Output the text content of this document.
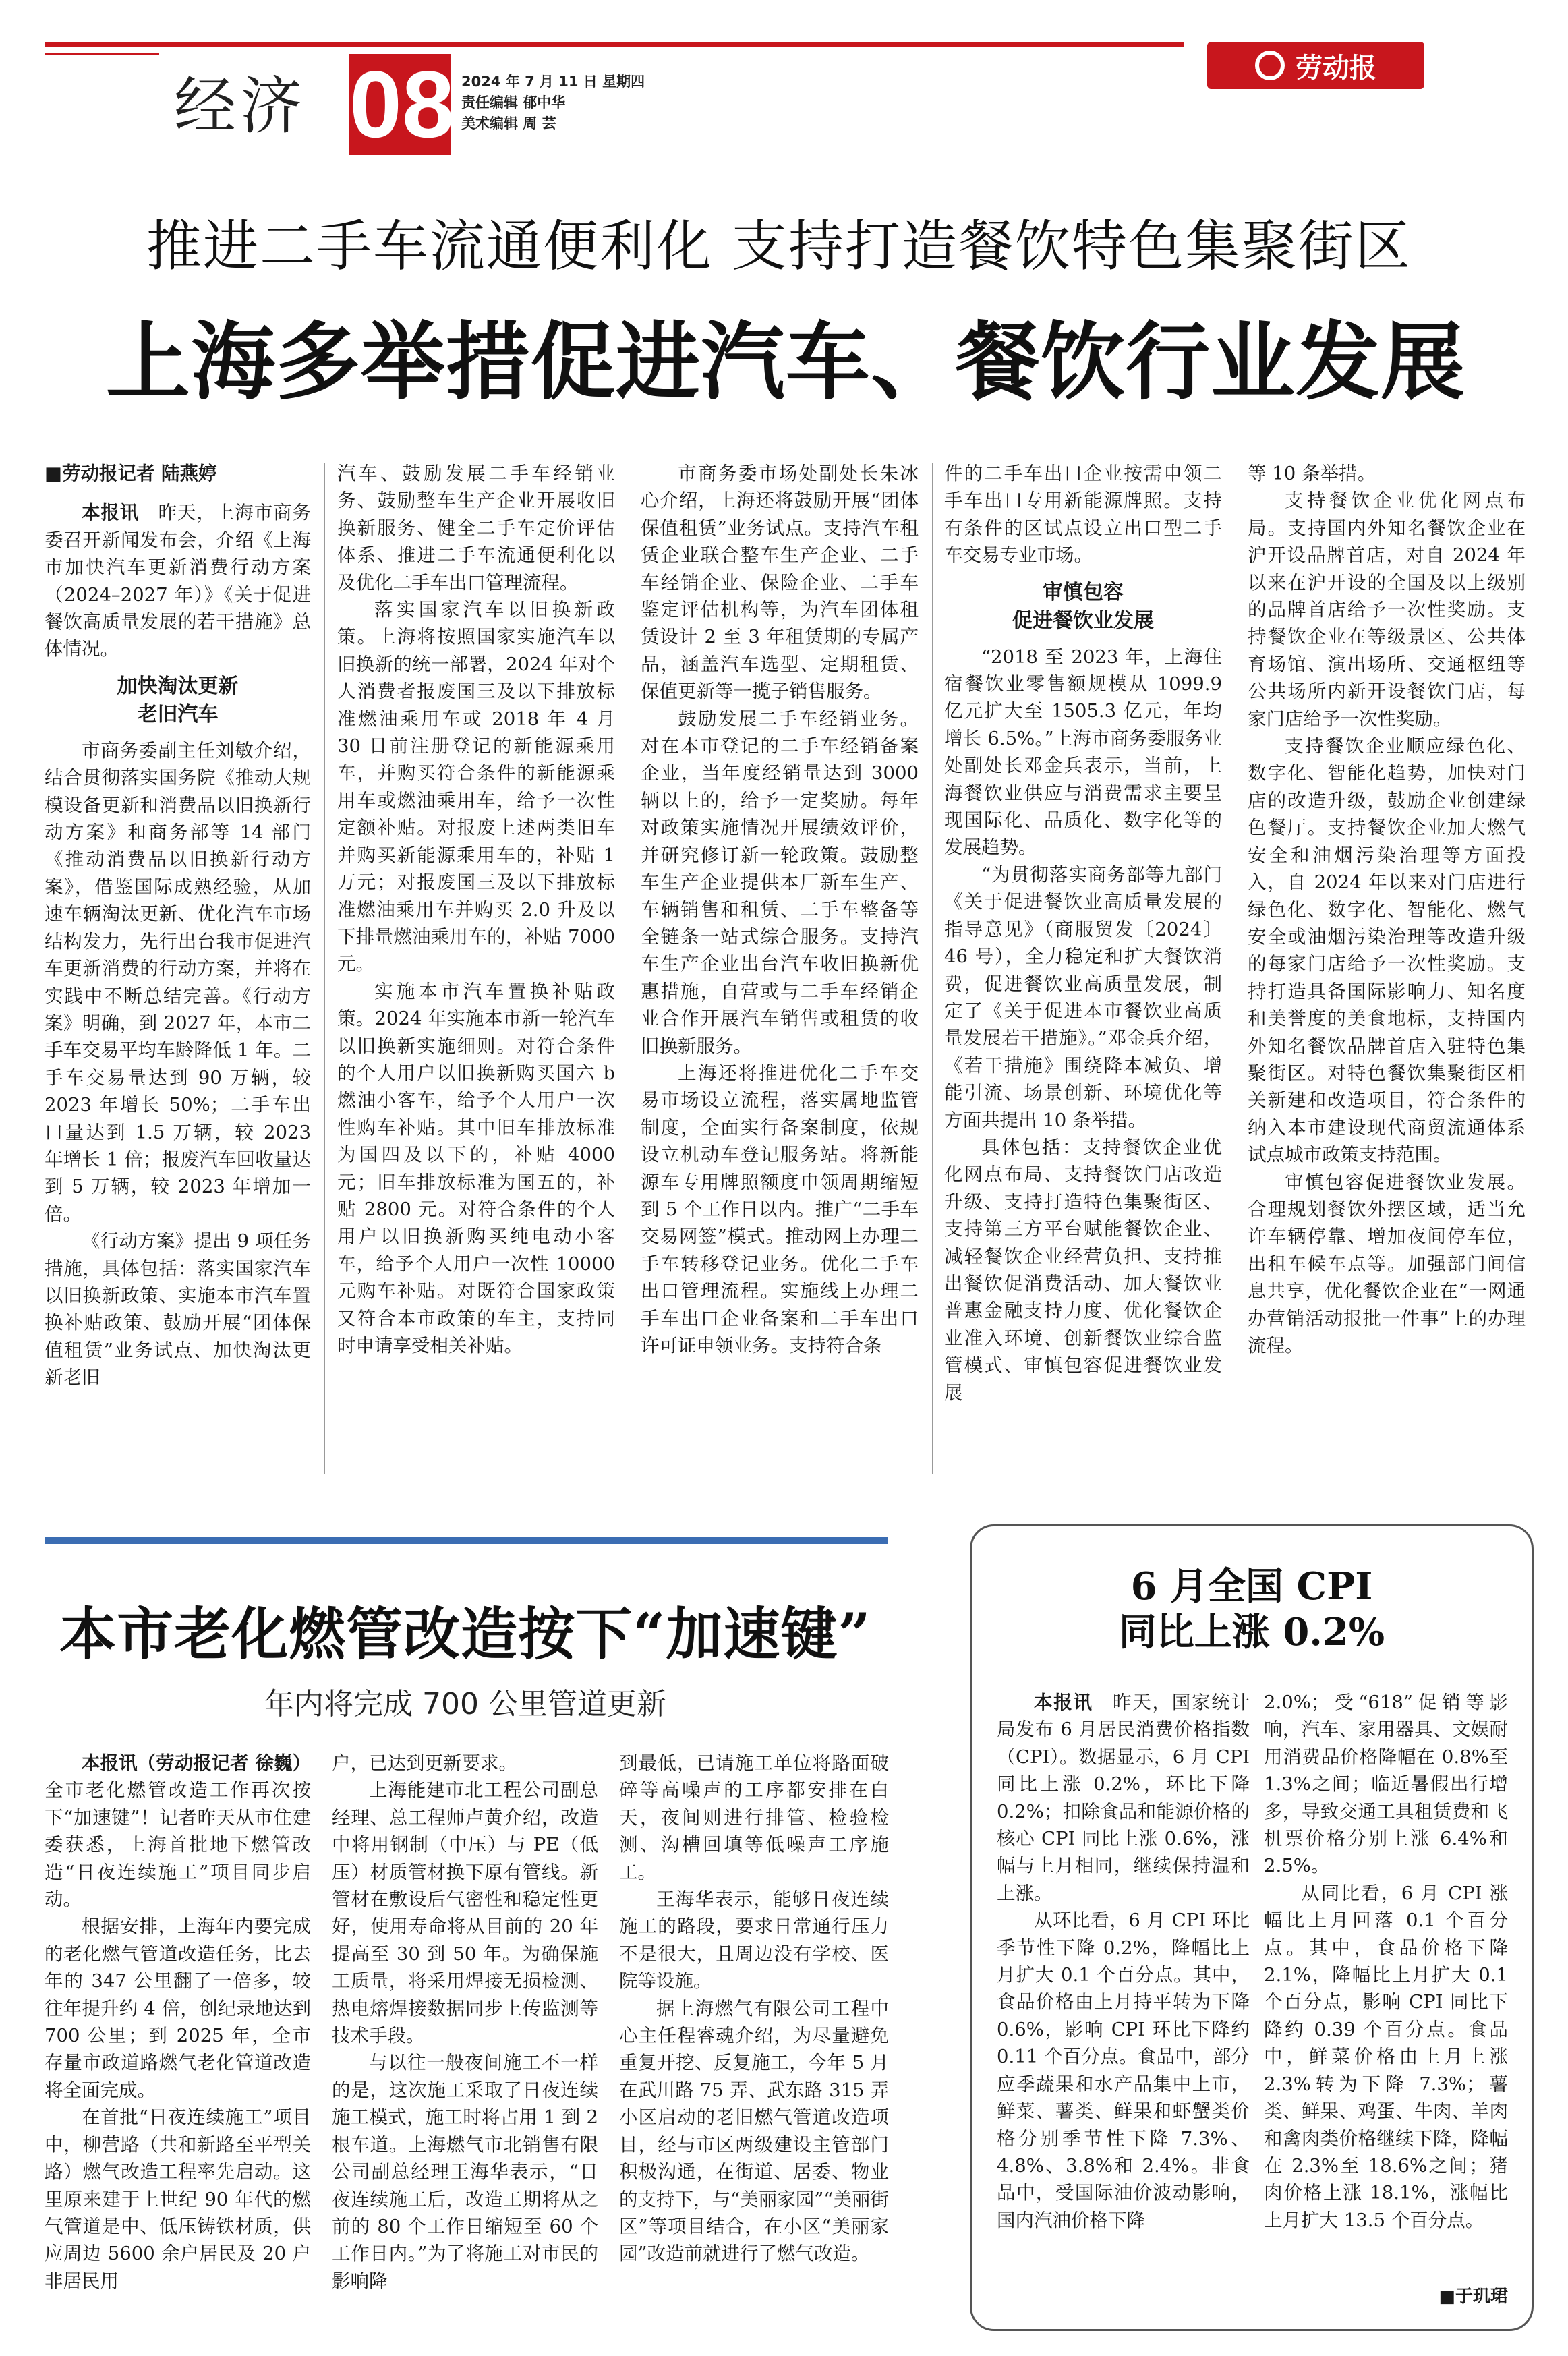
经济 08 2024 年 7 月 11 日 星期四
责任编辑 郁中华
美术编辑 周 芸
劳动报
推进二手车流通便利化 支持打造餐饮特色集聚街区
上海多举措促进汽车、餐饮行业发展

■劳动报记者 陆燕婷

本报讯　昨天，上海市商务委召开新闻发布会，介绍《上海市加快汽车更新消费行动方案（2024–2027 年）》《关于促进餐饮高质量发展的若干措施》总体情况。

加快淘汰更新
老旧汽车

市商务委副主任刘敏介绍，结合贯彻落实国务院《推动大规模设备更新和消费品以旧换新行动方案》和商务部等 14 部门《推动消费品以旧换新行动方案》，借鉴国际成熟经验，从加速车辆淘汰更新、优化汽车市场结构发力，先行出台我市促进汽车更新消费的行动方案，并将在实践中不断总结完善。《行动方案》明确，到 2027 年，本市二手车交易平均车龄降低 1 年。二手车交易量达到 90 万辆，较 2023 年增长 50%；二手车出口量达到 1.5 万辆，较 2023 年增长 1 倍；报废汽车回收量达到 5 万辆，较 2023 年增加一倍。

《行动方案》提出 9 项任务措施，具体包括：落实国家汽车以旧换新政策、实施本市汽车置换补贴政策、鼓励开展“团体保值租赁”业务试点、加快淘汰更新老旧

汽车、鼓励发展二手车经销业务、鼓励整车生产企业开展收旧换新服务、健全二手车定价评估体系、推进二手车流通便利化以及优化二手车出口管理流程。

落实国家汽车以旧换新政策。上海将按照国家实施汽车以旧换新的统一部署，2024 年对个人消费者报废国三及以下排放标准燃油乘用车或 2018 年 4 月 30 日前注册登记的新能源乘用车，并购买符合条件的新能源乘用车或燃油乘用车，给予一次性定额补贴。对报废上述两类旧车并购买新能源乘用车的，补贴 1 万元；对报废国三及以下排放标准燃油乘用车并购买 2.0 升及以下排量燃油乘用车的，补贴 7000 元。

实施本市汽车置换补贴政策。2024 年实施本市新一轮汽车以旧换新实施细则。对符合条件的个人用户以旧换新购买国六 b 燃油小客车，给予个人用户一次性购车补贴。其中旧车排放标准为国四及以下的，补贴 4000 元；旧车排放标准为国五的，补贴 2800 元。对符合条件的个人用户以旧换新购买纯电动小客车，给予个人用户一次性 10000 元购车补贴。对既符合国家政策又符合本市政策的车主，支持同时申请享受相关补贴。

市商务委市场处副处长朱冰心介绍，上海还将鼓励开展“团体保值租赁”业务试点。支持汽车租赁企业联合整车生产企业、二手车经销企业、保险企业、二手车鉴定评估机构等，为汽车团体租赁设计 2 至 3 年租赁期的专属产品，涵盖汽车选型、定期租赁、保值更新等一揽子销售服务。

鼓励发展二手车经销业务。对在本市登记的二手车经销备案企业，当年度经销量达到 3000 辆以上的，给予一定奖励。每年对政策实施情况开展绩效评价，并研究修订新一轮政策。鼓励整车生产企业提供本厂新车生产、车辆销售和租赁、二手车整备等全链条一站式综合服务。支持汽车生产企业出台汽车收旧换新优惠措施，自营或与二手车经销企业合作开展汽车销售或租赁的收旧换新服务。

上海还将推进优化二手车交易市场设立流程，落实属地监管制度，全面实行备案制度，依规设立机动车登记服务站。将新能源车专用牌照额度申领周期缩短到 5 个工作日以内。推广“二手车交易网签”模式。推动网上办理二手车转移登记业务。优化二手车出口管理流程。实施线上办理二手车出口企业备案和二手车出口许可证申领业务。支持符合条

件的二手车出口企业按需申领二手车出口专用新能源牌照。支持有条件的区试点设立出口型二手车交易专业市场。

审慎包容
促进餐饮业发展

“2018 至 2023 年，上海住宿餐饮业零售额规模从 1099.9 亿元扩大至 1505.3 亿元，年均增长 6.5%。”上海市商务委服务业处副处长邓金兵表示，当前，上海餐饮业供应与消费需求主要呈现国际化、品质化、数字化等的发展趋势。

“为贯彻落实商务部等九部门《关于促进餐饮业高质量发展的指导意见》（商服贸发〔2024〕46 号），全力稳定和扩大餐饮消费，促进餐饮业高质量发展，制定了《关于促进本市餐饮业高质量发展若干措施》。”邓金兵介绍，《若干措施》围绕降本减负、增能引流、场景创新、环境优化等方面共提出 10 条举措。

具体包括：支持餐饮企业优化网点布局、支持餐饮门店改造升级、支持打造特色集聚街区、支持第三方平台赋能餐饮企业、减轻餐饮企业经营负担、支持推出餐饮促消费活动、加大餐饮业普惠金融支持力度、优化餐饮企业准入环境、创新餐饮业综合监管模式、审慎包容促进餐饮业发展

等 10 条举措。

支持餐饮企业优化网点布局。支持国内外知名餐饮企业在沪开设品牌首店，对自 2024 年以来在沪开设的全国及以上级别的品牌首店给予一次性奖励。支持餐饮企业在等级景区、公共体育场馆、演出场所、交通枢纽等公共场所内新开设餐饮门店，每家门店给予一次性奖励。

支持餐饮企业顺应绿色化、数字化、智能化趋势，加快对门店的改造升级，鼓励企业创建绿色餐厅。支持餐饮企业加大燃气安全和油烟污染治理等方面投入，自 2024 年以来对门店进行绿色化、数字化、智能化、燃气安全或油烟污染治理等改造升级的每家门店给予一次性奖励。支持打造具备国际影响力、知名度和美誉度的美食地标，支持国内外知名餐饮品牌首店入驻特色集聚街区。对特色餐饮集聚街区相关新建和改造项目，符合条件的纳入本市建设现代商贸流通体系试点城市政策支持范围。

审慎包容促进餐饮业发展。合理规划餐饮外摆区域，适当允许车辆停靠、增加夜间停车位，出租车候车点等。加强部门间信息共享，优化餐饮企业在“一网通办营销活动报批一件事”上的办理流程。

本市老化燃管改造按下“加速键”
年内将完成 700 公里管道更新

本报讯（劳动报记者 徐巍）全市老化燃管改造工作再次按下“加速键”！记者昨天从市住建委获悉，上海首批地下燃管改造“日夜连续施工”项目同步启动。

根据安排，上海年内要完成的老化燃气管道改造任务，比去年的 347 公里翻了一倍多，较往年提升约 4 倍，创纪录地达到 700 公里；到 2025 年，全市存量市政道路燃气老化管道改造将全面完成。

在首批“日夜连续施工”项目中，柳营路（共和新路至平型关路）燃气改造工程率先启动。这里原来建于上世纪 90 年代的燃气管道是中、低压铸铁材质，供应周边 5600 余户居民及 20 户非居民用

户，已达到更新要求。

上海能建市北工程公司副总经理、总工程师卢黄介绍，改造中将用钢制（中压）与 PE（低压）材质管材换下原有管线。新管材在敷设后气密性和稳定性更好，使用寿命将从目前的 20 年提高至 30 到 50 年。为确保施工质量，将采用焊接无损检测、热电熔焊接数据同步上传监测等技术手段。

与以往一般夜间施工不一样的是，这次施工采取了日夜连续施工模式，施工时将占用 1 到 2 根车道。上海燃气市北销售有限公司副总经理王海华表示，“日夜连续施工后，改造工期将从之前的 80 个工作日缩短至 60 个工作日内。”为了将施工对市民的影响降

到最低，已请施工单位将路面破碎等高噪声的工序都安排在白天，夜间则进行排管、检验检测、沟槽回填等低噪声工序施工。

王海华表示，能够日夜连续施工的路段，要求日常通行压力不是很大，且周边没有学校、医院等设施。

据上海燃气有限公司工程中心主任程睿魂介绍，为尽量避免重复开挖、反复施工，今年 5 月在武川路 75 弄、武东路 315 弄小区启动的老旧燃气管道改造项目，经与市区两级建设主管部门积极沟通，在街道、居委、物业的支持下，与“美丽家园”“美丽街区”等项目结合，在小区“美丽家园”改造前就进行了燃气改造。

6 月全国 CPI
同比上涨 0.2%

本报讯　昨天，国家统计局发布 6 月居民消费价格指数（CPI）。数据显示，6 月 CPI 同比上涨 0.2%，环比下降 0.2%；扣除食品和能源价格的核心 CPI 同比上涨 0.6%，涨幅与上月相同，继续保持温和上涨。

从环比看，6 月 CPI 环比季节性下降 0.2%，降幅比上月扩大 0.1 个百分点。其中，食品价格由上月持平转为下降 0.6%，影响 CPI 环比下降约 0.11 个百分点。食品中，部分应季蔬果和水产品集中上市，鲜菜、薯类、鲜果和虾蟹类价格分别季节性下降 7.3%、4.8%、3.8%和 2.4%。非食品中，受国际油价波动影响，国内汽油价格下降

2.0%；受“618”促销等影响，汽车、家用器具、文娱耐用消费品价格降幅在 0.8%至 1.3%之间；临近暑假出行增多，导致交通工具租赁费和飞机票价格分别上涨 6.4%和 2.5%。

从同比看，6 月 CPI 涨幅比上月回落 0.1 个百分点。其中，食品价格下降 2.1%，降幅比上月扩大 0.1 个百分点，影响 CPI 同比下降约 0.39 个百分点。食品中，鲜菜价格由上月上涨 2.3%转为下降 7.3%；薯类、鲜果、鸡蛋、牛肉、羊肉和禽肉类价格继续下降，降幅在 2.3%至 18.6%之间；猪肉价格上涨 18.1%，涨幅比上月扩大 13.5 个百分点。

■于玑珺
